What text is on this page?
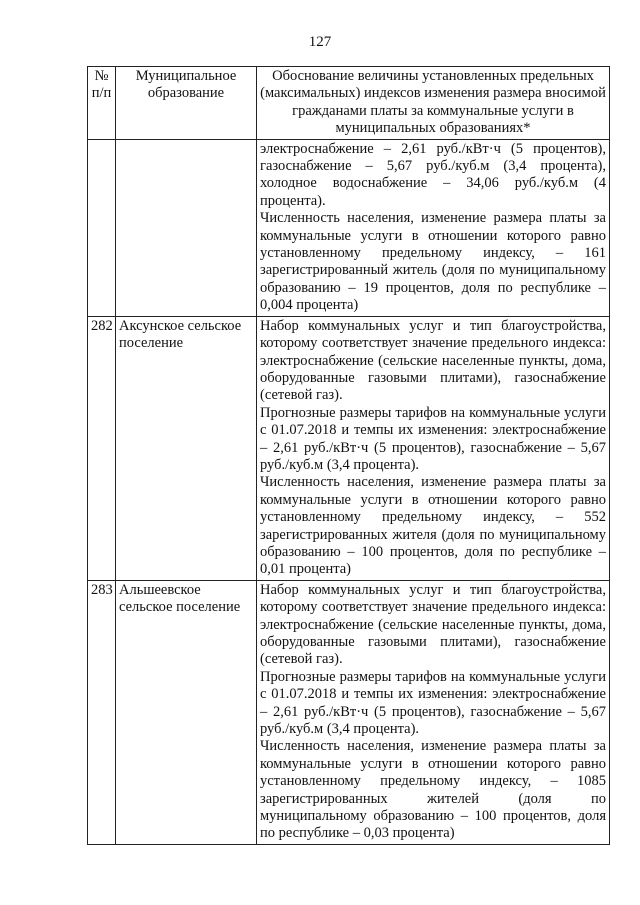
127
№ п/п	Муниципальное образование	Обоснование величины установленных предельных (максимальных) индексов изменения размера вносимой гражданами платы за коммунальные услуги в муниципальных образованиях*

		электроснабжение – 2,61 руб./кВт·ч (5 процентов), газоснабжение – 5,67 руб./куб.м (3,4 процента), холодное водоснабжение – 34,06 руб./куб.м (4 процента).

Численность населения, изменение размера платы за коммунальные услуги в отношении которого равно установленному предельному индексу, – 161 зарегистрированный житель (доля по муниципальному образованию – 19 процентов, доля по республике – 0,004 процента)

282	Аксунское сельское поселение	Набор коммунальных услуг и тип благоустройства, которому соответствует значение предельного индекса: электроснабжение (сельские населенные пункты, дома, оборудованные газовыми плитами), газоснабжение (сетевой газ).

Прогнозные размеры тарифов на коммунальные услуги с 01.07.2018 и темпы их изменения: электроснабжение – 2,61 руб./кВт·ч (5 процентов), газоснабжение – 5,67 руб./куб.м (3,4 процента).

Численность населения, изменение размера платы за коммунальные услуги в отношении которого равно установленному предельному индексу, – 552 зарегистрированных жителя (доля по муниципальному образованию – 100 процентов, доля по республике – 0,01 процента)

283	Альшеевское сельское поселение	Набор коммунальных услуг и тип благоустройства, которому соответствует значение предельного индекса: электроснабжение (сельские населенные пункты, дома, оборудованные газовыми плитами), газоснабжение (сетевой газ).

Прогнозные размеры тарифов на коммунальные услуги с 01.07.2018 и темпы их изменения: электроснабжение – 2,61 руб./кВт·ч (5 процентов), газоснабжение – 5,67 руб./куб.м (3,4 процента).

Численность населения, изменение размера платы за коммунальные услуги в отношении которого равно установленному предельному индексу, – 1085 зарегистрированных жителей (доля по муниципальному образованию – 100 процентов, доля по республике – 0,03 процента)
